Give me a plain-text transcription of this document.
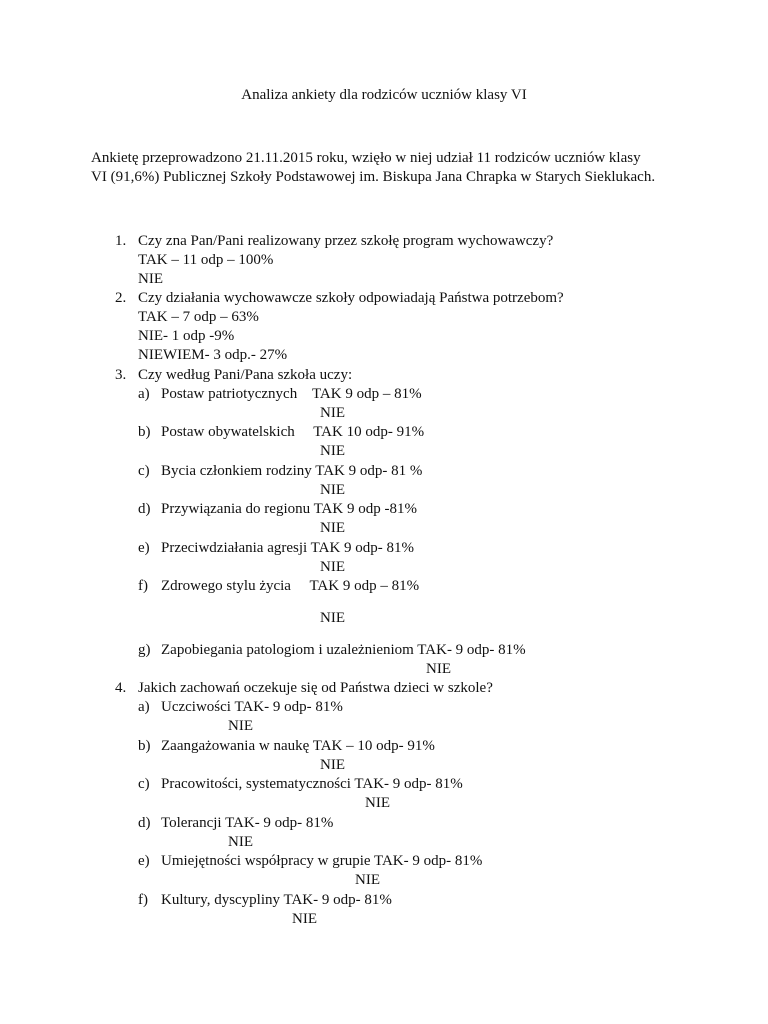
Analiza ankiety dla rodziców uczniów klasy VI
Ankietę przeprowadzono 21.11.2015 roku, wzięło w niej udział 11 rodziców uczniów klasy
VI (91,6%) Publicznej Szkoły Podstawowej im. Biskupa Jana Chrapka w Starych Sieklukach.
1. Czy zna Pan/Pani realizowany przez szkołę program wychowawczy?
TAK – 11 odp – 100%
NIE
2. Czy działania wychowawcze szkoły odpowiadają Państwa potrzebom?
TAK – 7 odp – 63%
NIE- 1 odp -9%
NIEWIEM- 3 odp.- 27%
3. Czy według Pani/Pana szkoła uczy:
a) Postaw patriotycznych    TAK 9 odp – 81%
NIE
b) Postaw obywatelskich     TAK 10 odp- 91%
NIE
c) Bycia członkiem rodziny TAK 9 odp- 81 %
NIE
d) Przywiązania do regionu TAK 9 odp -81%
NIE
e) Przeciwdziałania agresji TAK 9 odp- 81%
NIE
f) Zdrowego stylu życia     TAK 9 odp – 81%
NIE
g) Zapobiegania patologiom i uzależnieniom TAK- 9 odp- 81%
NIE
4. Jakich zachowań oczekuje się od Państwa dzieci w szkole?
a) Uczciwości TAK- 9 odp- 81%
NIE
b) Zaangażowania w naukę TAK – 10 odp- 91%
NIE
c) Pracowitości, systematyczności TAK- 9 odp- 81%
NIE
d) Tolerancji TAK- 9 odp- 81%
NIE
e) Umiejętności współpracy w grupie TAK- 9 odp- 81%
NIE
f) Kultury, dyscypliny TAK- 9 odp- 81%
NIE
